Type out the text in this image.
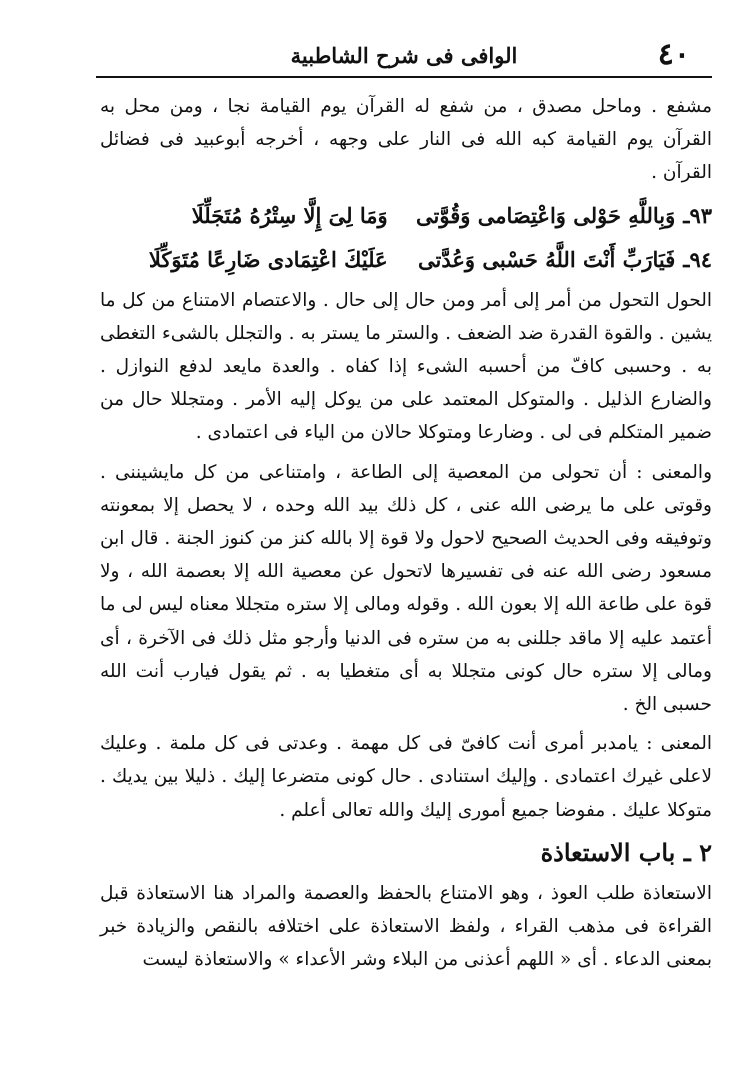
٤٠
الوافى فى شرح الشاطبية

مشفع . وماحل مصدق ، من شفع له القرآن يوم القيامة نجا ، ومن محل به القرآن يوم القيامة كبه الله فى النار على وجهه ، أخرجه أبوعبيد فى فضائل القرآن .

٩٣ـ
وَبِاللَّهِ حَوْلى وَاعْتِصَامى وَقُوَّتى
وَمَا لِىَ إِلَّا سِتْرُهُ مُتَجَلِّلَا
٩٤ـ
فَيَارَبِّ أَنْتَ اللَّهُ حَسْبى وَعُدَّتى
عَلَيْكَ اعْتِمَادى ضَارِعًا مُتَوَكِّلَا

الحول التحول من أمر إلى أمر ومن حال إلى حال . والاعتصام الامتناع من كل ما يشين . والقوة القدرة ضد الضعف . والستر ما يستر به . والتجلل بالشىء التغطى به . وحسبى كافّ من أحسبه الشىء إذا كفاه . والعدة مايعد لدفع النوازل . والضارع الذليل . والمتوكل المعتمد على من يوكل إليه الأمر . ومتجللا حال من ضمير المتكلم فى لى . وضارعا ومتوكلا حالان من الياء فى اعتمادى .

والمعنى : أن تحولى من المعصية إلى الطاعة ، وامتناعى من كل مايشيننى . وقوتى على ما يرضى الله عنى ، كل ذلك بيد الله وحده ، لا يحصل إلا بمعونته وتوفيقه وفى الحديث الصحيح لاحول ولا قوة إلا بالله كنز من كنوز الجنة . قال ابن مسعود رضى الله عنه فى تفسيرها لاتحول عن معصية الله إلا بعصمة الله ، ولا قوة على طاعة الله إلا بعون الله . وقوله ومالى إلا ستره متجللا معناه ليس لى ما أعتمد عليه إلا ماقد جللنى به من ستره فى الدنيا وأرجو مثل ذلك فى الآخرة ، أى ومالى إلا ستره حال كونى متجللا به أى متغطيا به . ثم يقول فيارب أنت الله حسبى الخ .

المعنى : يامدبر أمرى أنت كافىّ فى كل مهمة . وعدتى فى كل ملمة . وعليك لاعلى غيرك اعتمادى . وإليك استنادى . حال كونى متضرعا إليك . ذليلا بين يديك . متوكلا عليك . مفوضا جميع أمورى إليك والله تعالى أعلم .

٢ ـ باب الاستعاذة

الاستعاذة طلب العوذ ، وهو الامتناع بالحفظ والعصمة والمراد هنا الاستعاذة قبل القراءة فى مذهب القراء ، ولفظ الاستعاذة على اختلافه بالنقص والزيادة خبر بمعنى الدعاء . أى « اللهم أعذنى من البلاء وشر الأعداء » والاستعاذة ليست
